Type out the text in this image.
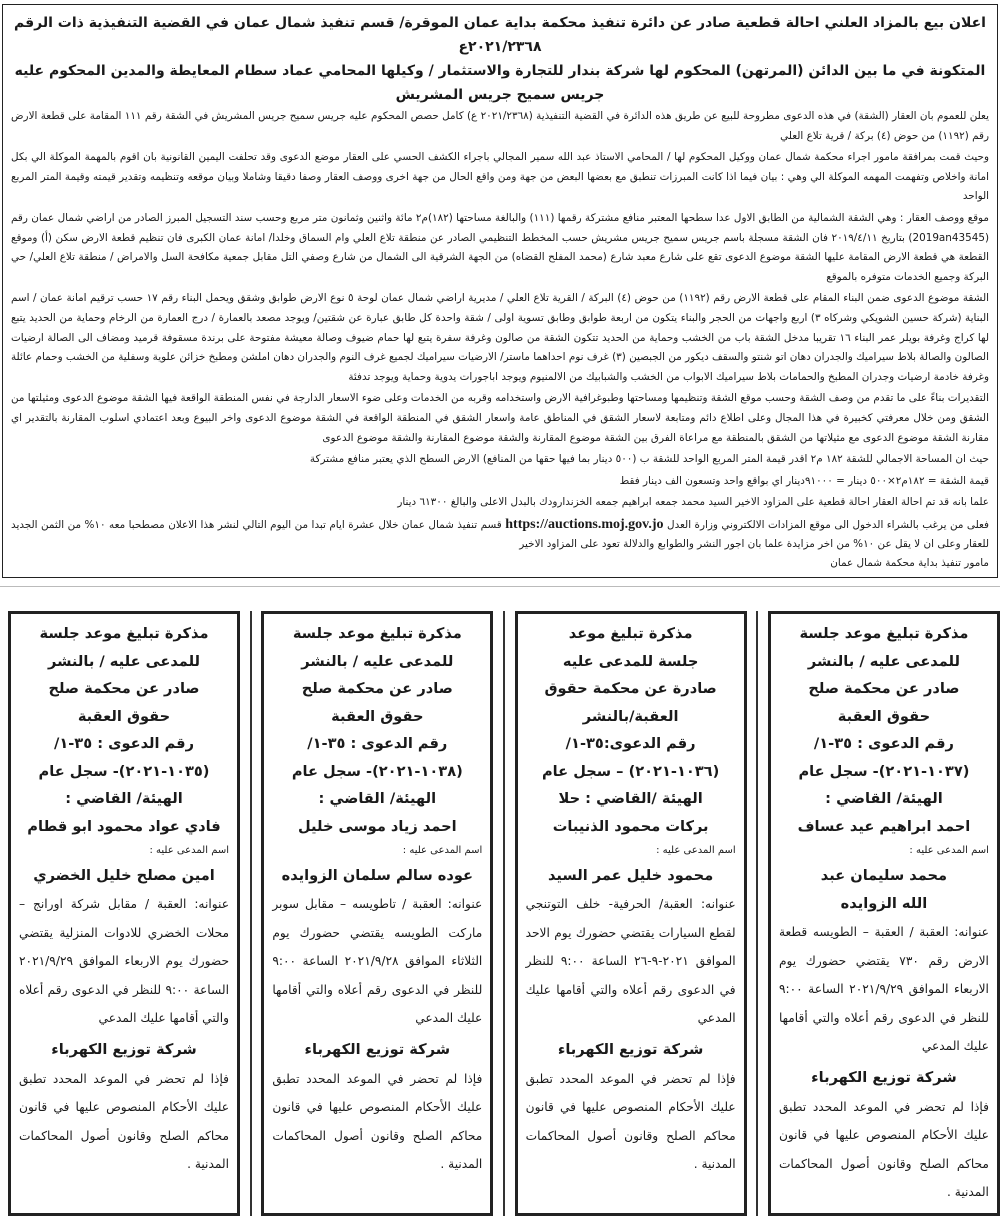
اعلان بيع بالمزاد العلني احالة قطعية صادر عن دائرة تنفيذ محكمة بداية عمان الموقرة/ قسم تنفيذ شمال عمان في القضية التنفيذية ذات الرقم ٢٠٢١/٢٣٦٨ع
المتكونة في ما بين الدائن (المرتهن) المحكوم لها شركة بندار للتجارة والاستثمار / وكيلها المحامي عماد سطام المعايطة والمدين المحكوم عليه جريس سميح جريس المشريش

يعلن للعموم بان العقار (الشقة) في هذه الدعوى مطروحة للبيع عن طريق هذه الدائرة في القضية التنفيذية (٢٠٢١/٢٣٦٨ ع) كامل حصص المحكوم عليه جريس سميح جريس المشريش في الشقة رقم ١١١ المقامة على قطعة الارض رقم (١١٩٢) من حوض (٤) بركة / قرية تلاع العلي

وحيث قمت بمرافقة مامور اجراء محكمة شمال عمان ووكيل المحكوم لها / المحامي الاستاذ عبد الله سمير المجالي باجراء الكشف الحسي على العقار موضع الدعوى وقد تحلفت اليمين القانونية بان اقوم بالمهمة الموكلة الي بكل امانة واخلاص وتفهمت المهمه الموكلة الي وهي : بيان فيما اذا كانت المبرزات تنطبق مع بعضها البعض من جهة ومن واقع الحال من جهة اخرى ووصف العقار وصفا دقيقا وشاملا وبيان موقعه وتنظيمه وتقدير قيمته وقيمة المتر المربع الواحد

موقع ووصف العقار : وهي الشقة الشمالية من الطابق الاول عدا سطحها المعتبر منافع مشتركة رقمها (١١١) والبالغة مساحتها (١٨٢)م٢ مائة واثنين وثمانون متر مربع وحسب سند التسجيل المبرز الصادر من اراضي شمال عمان رقم (2019an43545) بتاريخ ٢٠١٩/٤/١١ فان الشقة مسجلة باسم جريس سميح جريس مشريش حسب المخطط التنظيمي الصادر عن منطقة تلاع العلي وام السماق وخلدا/ امانة عمان الكبرى فان تنظيم قطعة الارض سكن (أ) وموقع القطعة هي قطعة الارض المقامة عليها الشقة موضوع الدعوى تقع على شارع معبد شارع (محمد المفلح القضاه) من الجهة الشرقية الى الشمال من شارع وصفي التل مقابل جمعية مكافحة السل والامراض / منطقة تلاع العلي/ حي البركة وجميع الخدمات متوفره بالموقع

الشقة موضوع الدعوى ضمن البناء المقام على قطعة الارض رقم (١١٩٢) من حوض (٤) البركة / القرية تلاع العلي / مديرية اراضي شمال عمان لوحة ٥ نوع الارض طوابق وشقق ويحمل البناء رقم ١٧ حسب ترقيم امانة عمان / اسم البناية (شركة حسين الشويكي وشركاه ٣) اربع واجهات من الحجر والبناء يتكون من اربعة طوابق وطابق تسوية اولى / شقة واحدة كل طابق عبارة عن شقتين/ ويوجد مصعد بالعمارة / درج العمارة من الرخام وحماية من الحديد يتبع لها كراج وغرفة بويلر عمر البناء ١٦ تقريبا مدخل الشقة باب من الخشب وحماية من الحديد تتكون الشقة من صالون وغرفة سفرة يتبع لها حمام ضيوف وصالة معيشة مفتوحة على برندة مسقوفة قرميد ومضاف الى الصالة ارضيات الصالون والصالة بلاط سيراميك والجدران دهان اتو شنتو والسقف ديكور من الجبصين (٣) غرف نوم احداهما ماستر/ الارضيات سيراميك لجميع غرف النوم والجدران دهان املشن ومطبخ خزائن علوية وسفلية من الخشب وحمام عائلة وغرفة خادمة ارضيات وجدران المطبخ والحمامات بلاط سيراميك الابواب من الخشب والشبابيك من الالمنيوم ويوجد اباجورات يدوية وحماية ويوجد تدفئة

التقديرات بناءً على ما تقدم من وصف الشقة وحسب موقع الشقة وتنظيمها ومساحتها وطبوغرافية الارض واستخدامه وقربه من الخدمات وعلى ضوء الاسعار الدارجة في نفس المنطقة الواقعة فيها الشقة موضوع الدعوى ومثيلتها من الشقق ومن خلال معرفتي كخبيرة في هذا المجال وعلى اطلاع دائم ومتابعة لاسعار الشقق في المناطق عامة واسعار الشقق في المنطقة الواقعة في الشقة موضوع الدعوى واخر البيوع وبعد اعتمادي اسلوب المقارنة بالتقدير اي مقارنة الشقة موضوع الدعوى مع مثيلاتها من الشقق بالمنطقة مع مراعاة الفرق بين الشقة موضوع المقارنة والشقة موضوع المقارنة والشقة موضوع الدعوى

حيث ان المساحة الاجمالي للشقة ١٨٢ م٢ اقدر قيمة المتر المربع الواحد للشقة ب (٥٠٠ دينار بما فيها حقها من المنافع) الارض السطح الذي يعتبر منافع مشتركة

قيمة الشقة = ١٨٢م٢×٥٠٠ دينار = ٩١٠٠٠دينار اي بواقع واحد وتسعون الف دينار فقط

علما بانه قد تم احالة العقار احالة قطعية على المزاود الاخير السيد محمد جمعه ابراهيم جمعه الخزندارودك بالبدل الاعلى والبالغ ٦١٣٠٠ دينار

فعلى من يرغب بالشراء الدخول الى موقع المزادات الالكتروني وزارة العدل https://auctions.moj.gov.jo قسم تنفيذ شمال عمان خلال عشرة ايام تبدا من اليوم التالي لنشر هذا الاعلان مصطحبا معه ١٠% من الثمن الجديد للعقار وعلى ان لا يقل عن ١٠% من اخر مزايدة علما بان اجور النشر والطوابع والدلالة تعود على المزاود الاخير

مامور تنفيذ بداية محكمة شمال عمان
مذكرة تبليغ موعد جلسة
للمدعى عليه / بالنشر
صادر عن محكمة صلح
حقوق العقبة
رقم الدعوى : ٣٥-١/
(١٠٣٧-٢٠٢١)- سجل عام
الهيئة/ القاضي :
احمد ابراهيم عيد عساف
اسم المدعى عليه :
محمد سليمان عبد
الله الزوايده
عنوانه: العقبة / العقبة – الطويسه قطعة الارض رقم ٧٣٠ يقتضي حضورك يوم الاربعاء الموافق ٢٠٢١/٩/٢٩ الساعة ٩:٠٠ للنظر في الدعوى رقم أعلاه والتي أقامها عليك المدعي
شركة توزيع الكهرباء
فإذا لم تحضر في الموعد المحدد تطبق عليك الأحكام المنصوص عليها في قانون محاكم الصلح وقانون أصول المحاكمات المدنية .
مذكرة تبليغ موعد
جلسة للمدعى عليه
صادرة عن محكمة حقوق
العقبة/بالنشر
رقم الدعوى:٣٥-١/
(١٠٣٦-٢٠٢١) – سجل عام
الهيئة /القاضي : حلا
بركات محمود الذنيبات
اسم المدعى عليه :
محمود خليل عمر السيد
عنوانه: العقبة/ الحرفية- خلف التوتنجي لقطع السيارات يقتضي حضورك يوم الاحد الموافق ٢٠٢١-٩-٢٦ الساعة ٩:٠٠ للنظر في الدعوى رقم أعلاه والتي أقامها عليك المدعي
شركة توزيع الكهرباء
فإذا لم تحضر في الموعد المحدد تطبق عليك الأحكام المنصوص عليها في قانون محاكم الصلح وقانون أصول المحاكمات المدنية .
مذكرة تبليغ موعد جلسة
للمدعى عليه / بالنشر
صادر عن محكمة صلح
حقوق العقبة
رقم الدعوى : ٣٥-١/
(١٠٣٨-٢٠٢١)- سجل عام
الهيئة/ القاضي :
احمد زياد موسى خليل
اسم المدعى عليه :
عوده سالم سلمان الزوايده
عنوانه: العقبة / تاطويسه – مقابل سوبر ماركت الطويسه يقتضي حضورك يوم الثلاثاء الموافق ٢٠٢١/٩/٢٨ الساعة ٩:٠٠ للنظر في الدعوى رقم أعلاه والتي أقامها عليك المدعي
شركة توزيع الكهرباء
فإذا لم تحضر في الموعد المحدد تطبق عليك الأحكام المنصوص عليها في قانون محاكم الصلح وقانون أصول المحاكمات المدنية .
مذكرة تبليغ موعد جلسة
للمدعى عليه / بالنشر
صادر عن محكمة صلح
حقوق العقبة
رقم الدعوى : ٣٥-١/
(١٠٣٥-٢٠٢١)- سجل عام
الهيئة/ القاضي :
فادي عواد محمود ابو قطام
اسم المدعى عليه :
امين مصلح خليل الخضري
عنوانه: العقبة / مقابل شركة اورانج – محلات الخضري للادوات المنزلية يقتضي حضورك يوم الاربعاء الموافق ٢٠٢١/٩/٢٩ الساعة ٩:٠٠ للنظر في الدعوى رقم أعلاه والتي أقامها عليك المدعي
شركة توزيع الكهرباء
فإذا لم تحضر في الموعد المحدد تطبق عليك الأحكام المنصوص عليها في قانون محاكم الصلح وقانون أصول المحاكمات المدنية .
